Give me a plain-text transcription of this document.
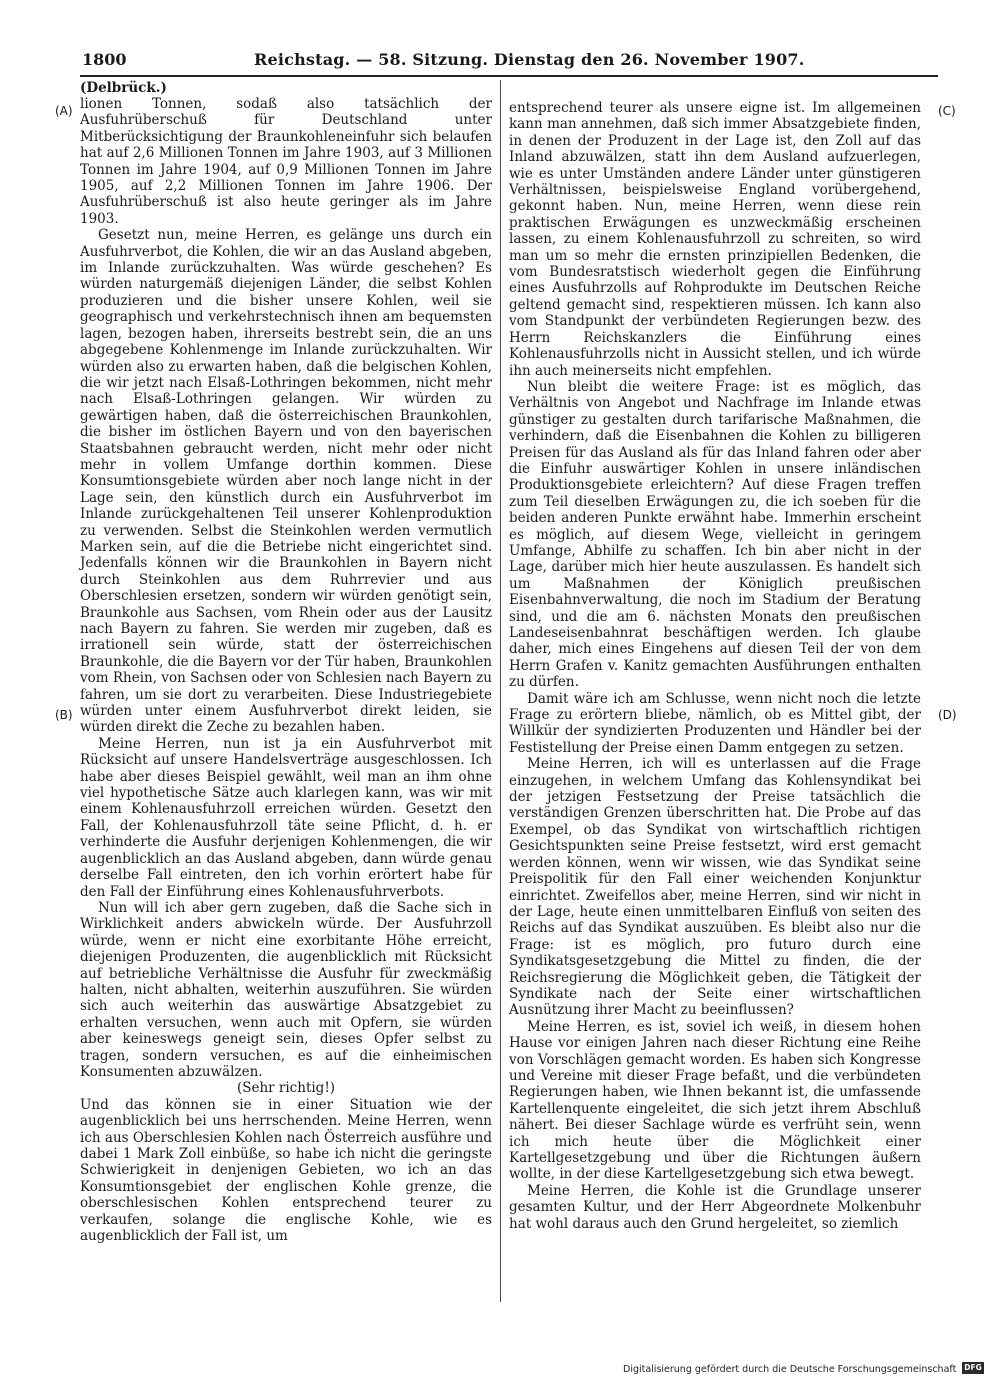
1800	Reichstag. — 58. Sitzung. Dienstag den 26. November 1907.
(Delbrück.)
(A)
(B)
(C)
(D)

lionen Tonnen, sodaß also tatsächlich der Ausfuhrüberschuß für Deutschland unter Mitberücksichtigung der Braunkohleneinfuhr sich belaufen hat auf 2,6 Millionen Tonnen im Jahre 1903, auf 3 Millionen Tonnen im Jahre 1904, auf 0,9 Millionen Tonnen im Jahre 1905, auf 2,2 Millionen Tonnen im Jahre 1906. Der Ausfuhrüberschuß ist also heute geringer als im Jahre 1903.

Gesetzt nun, meine Herren, es gelänge uns durch ein Ausfuhrverbot, die Kohlen, die wir an das Ausland abgeben, im Inlande zurückzuhalten. Was würde geschehen? Es würden naturgemäß diejenigen Länder, die selbst Kohlen produzieren und die bisher unsere Kohlen, weil sie geographisch und verkehrstechnisch ihnen am bequemsten lagen, bezogen haben, ihrerseits bestrebt sein, die an uns abgegebene Kohlenmenge im Inlande zurückzuhalten. Wir würden also zu erwarten haben, daß die belgischen Kohlen, die wir jetzt nach Elsaß-Lothringen bekommen, nicht mehr nach Elsaß-Lothringen gelangen. Wir würden zu gewärtigen haben, daß die österreichischen Braunkohlen, die bisher im östlichen Bayern und von den bayerischen Staatsbahnen gebraucht werden, nicht mehr oder nicht mehr in vollem Umfange dorthin kommen. Diese Konsumtionsgebiete würden aber noch lange nicht in der Lage sein, den künstlich durch ein Ausfuhrverbot im Inlande zurückgehaltenen Teil unserer Kohlenproduktion zu verwenden. Selbst die Steinkohlen werden vermutlich Marken sein, auf die die Betriebe nicht eingerichtet sind. Jedenfalls können wir die Braunkohlen in Bayern nicht durch Steinkohlen aus dem Ruhrrevier und aus Oberschlesien ersetzen, sondern wir würden genötigt sein, Braunkohle aus Sachsen, vom Rhein oder aus der Lausitz nach Bayern zu fahren. Sie werden mir zugeben, daß es irrationell sein würde, statt der österreichischen Braunkohle, die die Bayern vor der Tür haben, Braunkohlen vom Rhein, von Sachsen oder von Schlesien nach Bayern zu fahren, um sie dort zu verarbeiten. Diese Industriegebiete würden unter einem Ausfuhrverbot direkt leiden, sie würden direkt die Zeche zu bezahlen haben.

Meine Herren, nun ist ja ein Ausfuhrverbot mit Rücksicht auf unsere Handelsverträge ausgeschlossen. Ich habe aber dieses Beispiel gewählt, weil man an ihm ohne viel hypothetische Sätze auch klarlegen kann, was wir mit einem Kohlenausfuhrzoll erreichen würden. Gesetzt den Fall, der Kohlenausfuhrzoll täte seine Pflicht, d. h. er verhinderte die Ausfuhr derjenigen Kohlenmengen, die wir augenblicklich an das Ausland abgeben, dann würde genau derselbe Fall eintreten, den ich vorhin erörtert habe für den Fall der Einführung eines Kohlenausfuhrverbots.

Nun will ich aber gern zugeben, daß die Sache sich in Wirklichkeit anders abwickeln würde. Der Ausfuhrzoll würde, wenn er nicht eine exorbitante Höhe erreicht, diejenigen Produzenten, die augenblicklich mit Rücksicht auf betriebliche Verhältnisse die Ausfuhr für zweckmäßig halten, nicht abhalten, weiterhin auszuführen. Sie würden sich auch weiterhin das auswärtige Absatzgebiet zu erhalten versuchen, wenn auch mit Opfern, sie würden aber keineswegs geneigt sein, dieses Opfer selbst zu tragen, sondern versuchen, es auf die einheimischen Konsumenten abzuwälzen.

(Sehr richtig!)

Und das können sie in einer Situation wie der augenblicklich bei uns herrschenden. Meine Herren, wenn ich aus Oberschlesien Kohlen nach Österreich ausführe und dabei 1 Mark Zoll einbüße, so habe ich nicht die geringste Schwierigkeit in denjenigen Gebieten, wo ich an das Konsumtionsgebiet der englischen Kohle grenze, die oberschlesischen Kohlen entsprechend teurer zu verkaufen, solange die englische Kohle, wie es augenblicklich der Fall ist, um

entsprechend teurer als unsere eigne ist. Im allgemeinen kann man annehmen, daß sich immer Absatzgebiete finden, in denen der Produzent in der Lage ist, den Zoll auf das Inland abzuwälzen, statt ihn dem Ausland aufzuerlegen, wie es unter Umständen andere Länder unter günstigeren Verhältnissen, beispielsweise England vorübergehend, gekonnt haben. Nun, meine Herren, wenn diese rein praktischen Erwägungen es unzweckmäßig erscheinen lassen, zu einem Kohlenausfuhrzoll zu schreiten, so wird man um so mehr die ernsten prinzipiellen Bedenken, die vom Bundesratstisch wiederholt gegen die Einführung eines Ausfuhrzolls auf Rohprodukte im Deutschen Reiche geltend gemacht sind, respektieren müssen. Ich kann also vom Standpunkt der verbündeten Regierungen bezw. des Herrn Reichskanzlers die Einführung eines Kohlenausfuhrzolls nicht in Aussicht stellen, und ich würde ihn auch meinerseits nicht empfehlen.

Nun bleibt die weitere Frage: ist es möglich, das Verhältnis von Angebot und Nachfrage im Inlande etwas günstiger zu gestalten durch tarifarische Maßnahmen, die verhindern, daß die Eisenbahnen die Kohlen zu billigeren Preisen für das Ausland als für das Inland fahren oder aber die Einfuhr auswärtiger Kohlen in unsere inländischen Produktionsgebiete erleichtern? Auf diese Fragen treffen zum Teil dieselben Erwägungen zu, die ich soeben für die beiden anderen Punkte erwähnt habe. Immerhin erscheint es möglich, auf diesem Wege, vielleicht in geringem Umfange, Abhilfe zu schaffen. Ich bin aber nicht in der Lage, darüber mich hier heute auszulassen. Es handelt sich um Maßnahmen der Königlich preußischen Eisenbahnverwaltung, die noch im Stadium der Beratung sind, und die am 6. nächsten Monats den preußischen Landeseisenbahnrat beschäftigen werden. Ich glaube daher, mich eines Eingehens auf diesen Teil der von dem Herrn Grafen v. Kanitz gemachten Ausführungen enthalten zu dürfen.

Damit wäre ich am Schlusse, wenn nicht noch die letzte Frage zu erörtern bliebe, nämlich, ob es Mittel gibt, der Willkür der syndizierten Produzenten und Händler bei der Festistellung der Preise einen Damm entgegen zu setzen.

Meine Herren, ich will es unterlassen auf die Frage einzugehen, in welchem Umfang das Kohlensyndikat bei der jetzigen Festsetzung der Preise tatsächlich die verständigen Grenzen überschritten hat. Die Probe auf das Exempel, ob das Syndikat von wirtschaftlich richtigen Gesichtspunkten seine Preise festsetzt, wird erst gemacht werden können, wenn wir wissen, wie das Syndikat seine Preispolitik für den Fall einer weichenden Konjunktur einrichtet. Zweifellos aber, meine Herren, sind wir nicht in der Lage, heute einen unmittelbaren Einfluß von seiten des Reichs auf das Syndikat auszuüben. Es bleibt also nur die Frage: ist es möglich, pro futuro durch eine Syndikatsgesetzgebung die Mittel zu finden, die der Reichsregierung die Möglichkeit geben, die Tätigkeit der Syndikate nach der Seite einer wirtschaftlichen Ausnützung ihrer Macht zu beeinflussen?

Meine Herren, es ist, soviel ich weiß, in diesem hohen Hause vor einigen Jahren nach dieser Richtung eine Reihe von Vorschlägen gemacht worden. Es haben sich Kongresse und Vereine mit dieser Frage befaßt, und die verbündeten Regierungen haben, wie Ihnen bekannt ist, die umfassende Kartellenquente eingeleitet, die sich jetzt ihrem Abschluß nähert. Bei dieser Sachlage würde es verfrüht sein, wenn ich mich heute über die Möglichkeit einer Kartellgesetzgebung und über die Richtungen äußern wollte, in der diese Kartellgesetzgebung sich etwa bewegt.

Meine Herren, die Kohle ist die Grundlage unserer gesamten Kultur, und der Herr Abgeordnete Molkenbuhr hat wohl daraus auch den Grund hergeleitet, so ziemlich

Digitalisierung gefördert durch die Deutsche Forschungsgemeinschaft DFG
